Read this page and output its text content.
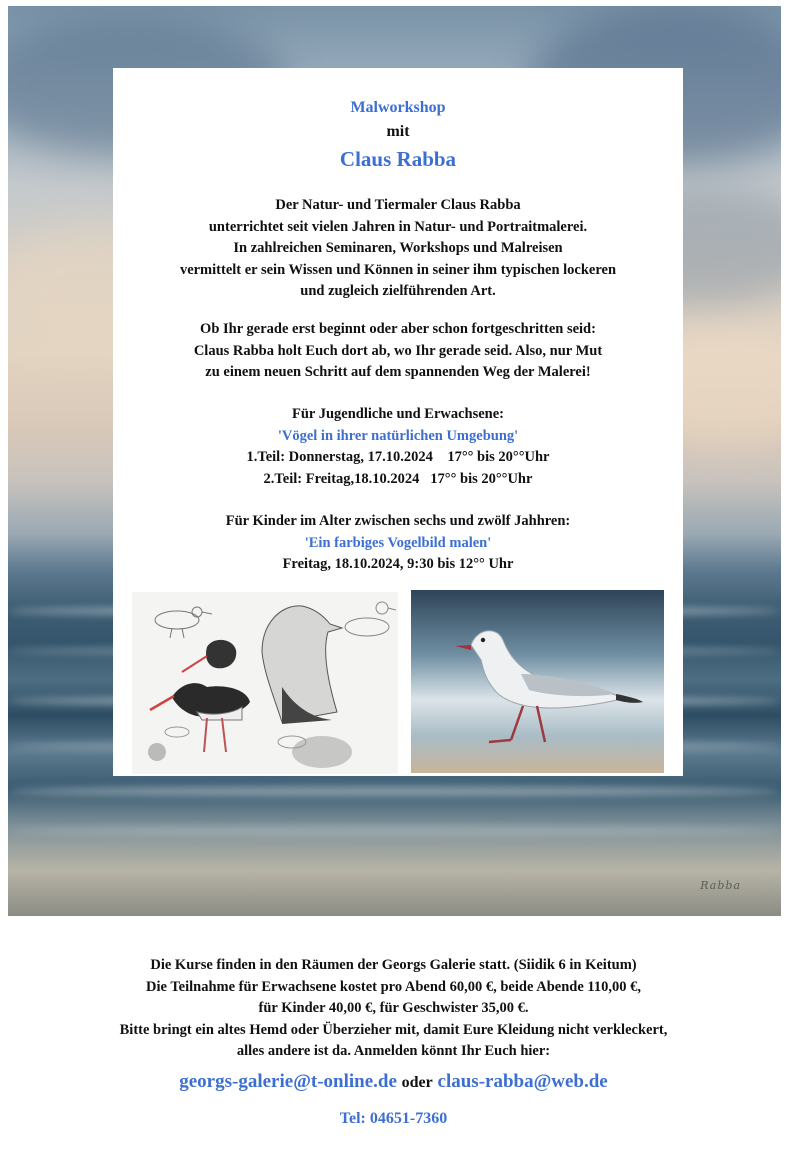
Rabba
Malworkshop
mit
Claus Rabba
Der Natur- und Tiermaler Claus Rabba
unterrichtet seit vielen Jahren in Natur- und Portraitmalerei.
In zahlreichen Seminaren, Workshops und Malreisen
vermittelt er sein Wissen und Können in seiner ihm typischen lockeren
und zugleich zielführenden Art.
Ob Ihr gerade erst beginnt oder aber schon fortgeschritten seid:
Claus Rabba holt Euch dort ab, wo Ihr gerade seid. Also, nur Mut
zu einem neuen Schritt auf dem spannenden Weg der Malerei!
Für Jugendliche und Erwachsene:
'Vögel in ihrer natürlichen Umgebung'
1.Teil: Donnerstag, 17.10.2024    17°° bis 20°°Uhr
2.Teil: Freitag,18.10.2024   17°° bis 20°°Uhr
Für Kinder im Alter zwischen sechs und zwölf Jahhren:
'Ein farbiges Vogelbild malen'
Freitag, 18.10.2024, 9:30 bis 12°° Uhr
Die Kurse finden in den Räumen der Georgs Galerie statt. (Siidik 6 in Keitum)
Die Teilnahme für Erwachsene kostet pro Abend 60,00 €, beide Abende 110,00 €,
für Kinder 40,00 €, für Geschwister 35,00 €.
Bitte bringt ein altes Hemd oder Überzieher mit, damit Eure Kleidung nicht verkleckert,
alles andere ist da. Anmelden könnt Ihr Euch hier:
georgs-galerie@t-online.de oder claus-rabba@web.de
Tel: 04651-7360
